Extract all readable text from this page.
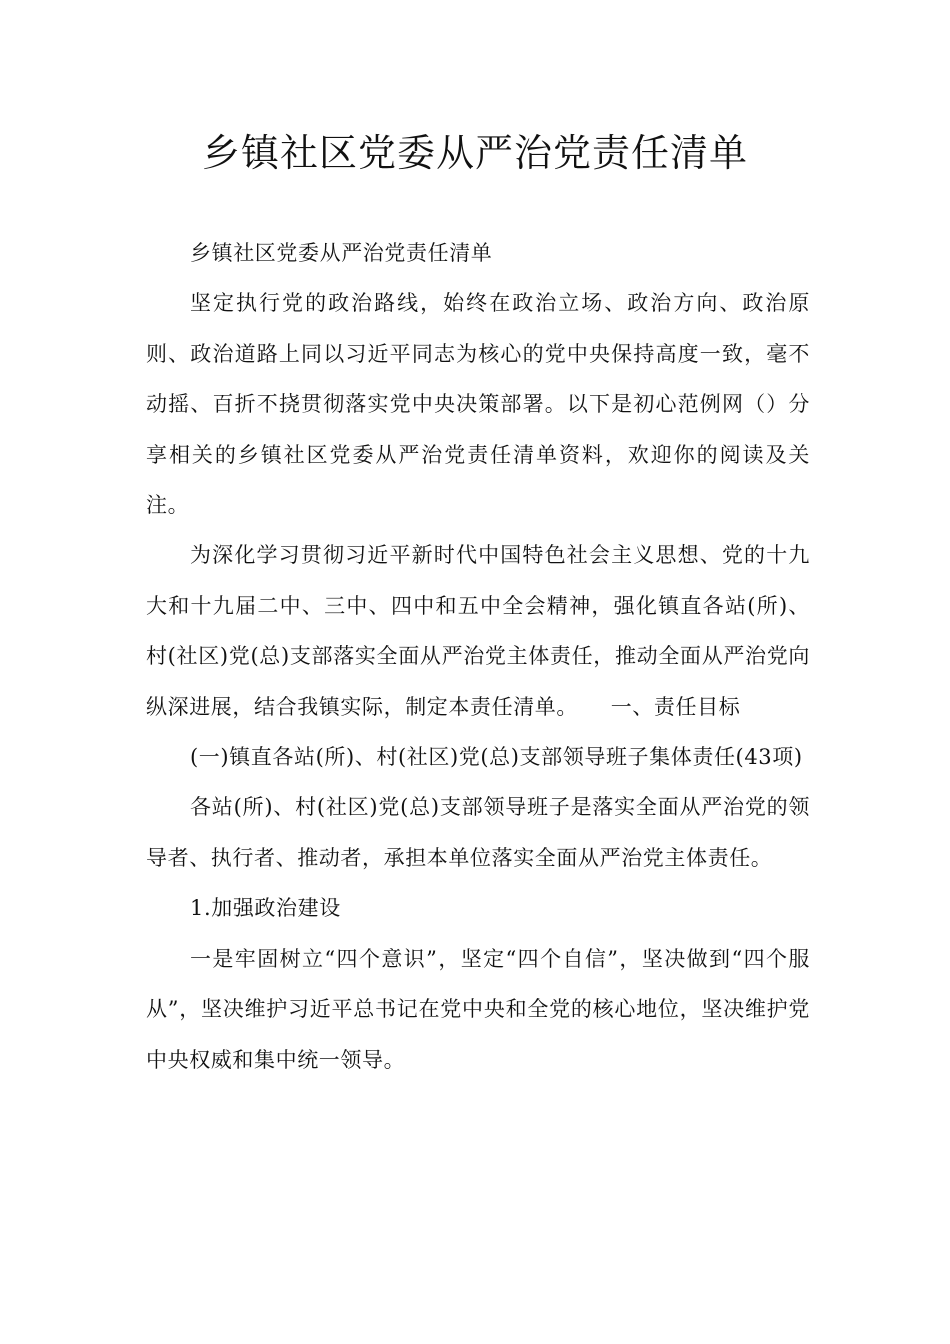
乡镇社区党委从严治党责任清单

乡镇社区党委从严治党责任清单

坚定执行党的政治路线，始终在政治立场、政治方向、政治原则、政治道路上同以习近平同志为核心的党中央保持高度一致，毫不动摇、百折不挠贯彻落实党中央决策部署。以下是初心范例网（）分享相关的乡镇社区党委从严治党责任清单资料，欢迎你的阅读及关注。

为深化学习贯彻习近平新时代中国特色社会主义思想、党的十九大和十九届二中、三中、四中和五中全会精神，强化镇直各站(所)、村(社区)党(总)支部落实全面从严治党主体责任，推动全面从严治党向纵深进展，结合我镇实际，制定本责任清单。　　一、责任目标

(一)镇直各站(所)、村(社区)党(总)支部领导班子集体责任(43项)

各站(所)、村(社区)党(总)支部领导班子是落实全面从严治党的领导者、执行者、推动者，承担本单位落实全面从严治党主体责任。

1.加强政治建设

一是牢固树立“四个意识”，坚定“四个自信”，坚决做到“四个服从”，坚决维护习近平总书记在党中央和全党的核心地位，坚决维护党中央权威和集中统一领导。
